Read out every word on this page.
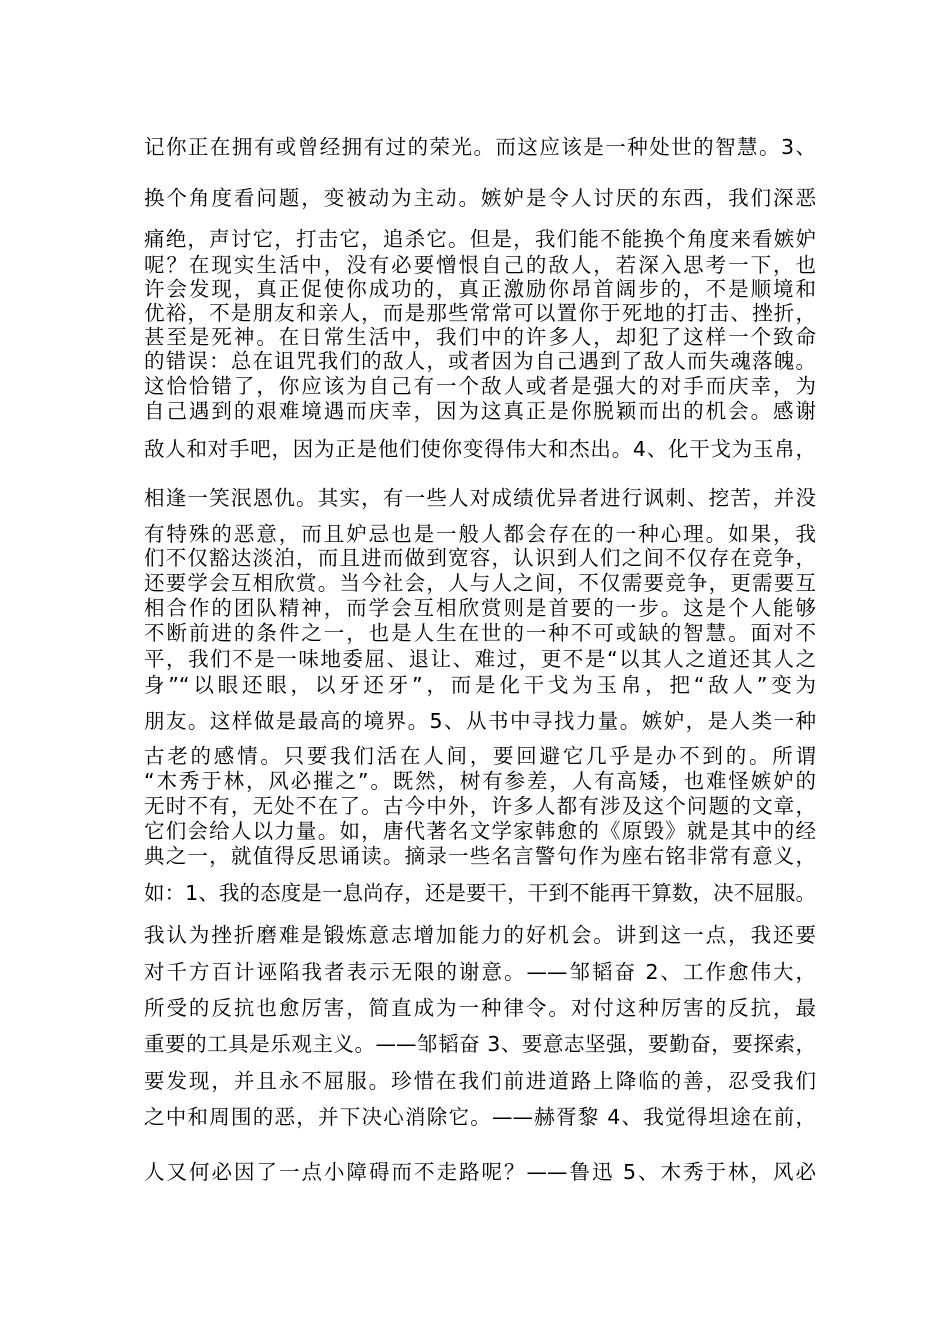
记你正在拥有或曾经拥有过的荣光。而这应该是一种处世的智慧。3、

换个角度看问题，变被动为主动。嫉妒是令人讨厌的东西，我们深恶

痛绝，声讨它，打击它，追杀它。但是，我们能不能换个角度来看嫉妒

呢？在现实生活中，没有必要憎恨自己的敌人，若深入思考一下，也

许会发现，真正促使你成功的，真正激励你昂首阔步的，不是顺境和

优裕，不是朋友和亲人，而是那些常常可以置你于死地的打击、挫折，

甚至是死神。在日常生活中，我们中的许多人，却犯了这样一个致命

的错误：总在诅咒我们的敌人，或者因为自己遇到了敌人而失魂落魄。

这恰恰错了，你应该为自己有一个敌人或者是强大的对手而庆幸，为

自己遇到的艰难境遇而庆幸，因为这真正是你脱颖而出的机会。感谢

敌人和对手吧，因为正是他们使你变得伟大和杰出。4、化干戈为玉帛，

相逢一笑泯恩仇。其实，有一些人对成绩优异者进行讽刺、挖苦，并没

有特殊的恶意，而且妒忌也是一般人都会存在的一种心理。如果，我

们不仅豁达淡泊，而且进而做到宽容，认识到人们之间不仅存在竞争，

还要学会互相欣赏。当今社会，人与人之间，不仅需要竞争，更需要互

相合作的团队精神，而学会互相欣赏则是首要的一步。这是个人能够

不断前进的条件之一，也是人生在世的一种不可或缺的智慧。面对不

平，我们不是一味地委屈、退让、难过，更不是“以其人之道还其人之

身”“以眼还眼，以牙还牙”，而是化干戈为玉帛，把“敌人”变为

朋友。这样做是最高的境界。5、从书中寻找力量。嫉妒，是人类一种

古老的感情。只要我们活在人间，要回避它几乎是办不到的。所谓

“木秀于林，风必摧之”。既然，树有参差，人有高矮，也难怪嫉妒的

无时不有，无处不在了。古今中外，许多人都有涉及这个问题的文章，

它们会给人以力量。如，唐代著名文学家韩愈的《原毁》就是其中的经

典之一，就值得反思诵读。摘录一些名言警句作为座右铭非常有意义，

如：1、我的态度是一息尚存，还是要干，干到不能再干算数，决不屈服。

我认为挫折磨难是锻炼意志增加能力的好机会。讲到这一点，我还要

对千方百计诬陷我者表示无限的谢意。——邹韬奋 2、工作愈伟大，

所受的反抗也愈厉害，简直成为一种律令。对付这种厉害的反抗，最

重要的工具是乐观主义。——邹韬奋 3、要意志坚强，要勤奋，要探索，

要发现，并且永不屈服。珍惜在我们前进道路上降临的善，忍受我们

之中和周围的恶，并下决心消除它。——赫胥黎 4、我觉得坦途在前，

人又何必因了一点小障碍而不走路呢？——鲁迅 5、木秀于林，风必
